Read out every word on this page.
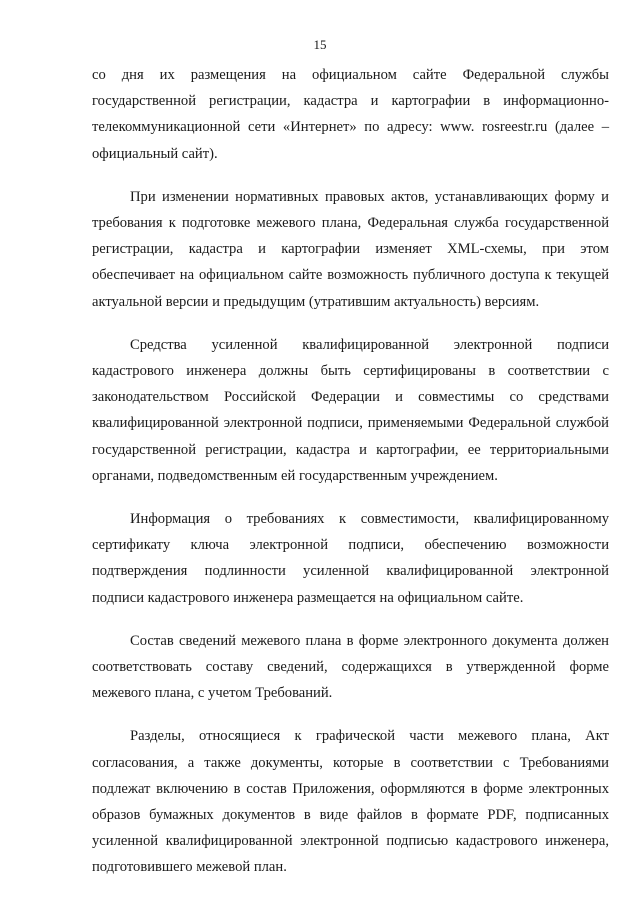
15

со дня их размещения на официальном сайте Федеральной службы государственной регистрации, кадастра и картографии в информационно-телекоммуникационной сети «Интернет» по адресу: www. rosreestr.ru (далее – официальный сайт).

При изменении нормативных правовых актов, устанавливающих форму и требования к подготовке межевого плана, Федеральная служба государственной регистрации, кадастра и картографии изменяет XML-схемы, при этом обеспечивает на официальном сайте возможность публичного доступа к текущей актуальной версии и предыдущим (утратившим актуальность) версиям.

Средства усиленной квалифицированной электронной подписи кадастрового инженера должны быть сертифицированы в соответствии с законодательством Российской Федерации и совместимы со средствами квалифицированной электронной подписи, применяемыми Федеральной службой государственной регистрации, кадастра и картографии, ее территориальными органами, подведомственным ей государственным учреждением.

Информация о требованиях к совместимости, квалифицированному сертификату ключа электронной подписи, обеспечению возможности подтверждения подлинности усиленной квалифицированной электронной подписи кадастрового инженера размещается на официальном сайте.

Состав сведений межевого плана в форме электронного документа должен соответствовать составу сведений, содержащихся в утвержденной форме межевого плана, с учетом Требований.

Разделы, относящиеся к графической части межевого плана, Акт согласования, а также документы, которые в соответствии с Требованиями подлежат включению в состав Приложения, оформляются в форме электронных образов бумажных документов в виде файлов в формате PDF, подписанных усиленной квалифицированной электронной подписью кадастрового инженера, подготовившего межевой план.
